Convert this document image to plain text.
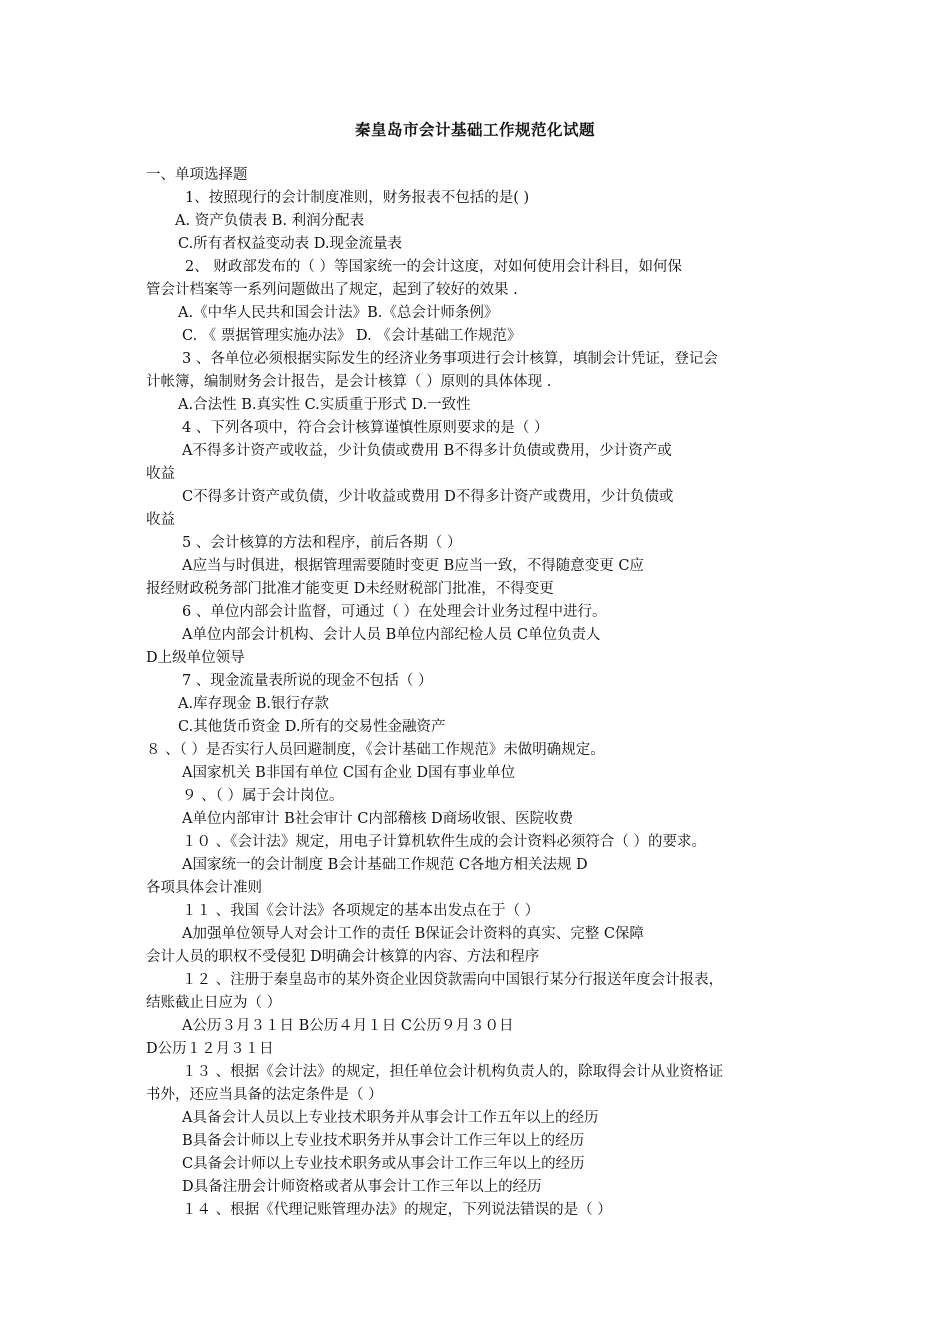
秦皇岛市会计基础工作规范化试题
一、单项选择题
1、按照现行的会计制度准则，财务报表不包括的是( )
A. 资产负债表 B. 利润分配表
C.所有者权益变动表 D.现金流量表
2、 财政部发布的（ ）等国家统一的会计这度，对如何使用会计科目，如何保
管会计档案等一系列问题做出了规定，起到了较好的效果 .
A.《中华人民共和国会计法》B.《总会计师条例》
C. 《 票据管理实施办法》 D. 《会计基础工作规范》
3 、各单位必须根据实际发生的经济业务事项进行会计核算，填制会计凭证，登记会
计帐簿，编制财务会计报告，是会计核算（ ）原则的具体体现 .
A.合法性 B.真实性 C.实质重于形式 D.一致性
4 、下列各项中，符合会计核算谨慎性原则要求的是（ ）
A不得多计资产或收益，少计负债或费用 B不得多计负债或费用，少计资产或
收益
C不得多计资产或负债，少计收益或费用 D不得多计资产或费用，少计负债或
收益
5 、会计核算的方法和程序，前后各期（ ）
A应当与时俱进，根据管理需要随时变更 B应当一致，不得随意变更 C应
报经财政税务部门批准才能变更 D未经财税部门批准，不得变更
6 、单位内部会计监督，可通过（ ）在处理会计业务过程中进行。
A单位内部会计机构、会计人员 B单位内部纪检人员 C单位负责人
D上级单位领导
7 、现金流量表所说的现金不包括（ ）
A.库存现金 B.银行存款
C.其他货币资金 D.所有的交易性金融资产
８ 、（ ）是否实行人员回避制度，《会计基础工作规范》未做明确规定。
A国家机关 B非国有单位 C国有企业 D国有事业单位
９ 、（ ）属于会计岗位。
A单位内部审计 B社会审计 C内部稽核 D商场收银、医院收费
１０ 、《会计法》规定，用电子计算机软件生成的会计资料必须符合（ ）的要求。
A国家统一的会计制度 B会计基础工作规范 C各地方相关法规 D
各项具体会计准则
１１ 、我国《会计法》各项规定的基本出发点在于（ ）
A加强单位领导人对会计工作的责任 B保证会计资料的真实、完整 C保障
会计人员的职权不受侵犯 D明确会计核算的内容、方法和程序
１２ 、注册于秦皇岛市的某外资企业因贷款需向中国银行某分行报送年度会计报表，
结账截止日应为（ ）
A公历３月３１日 B公历４月１日 C公历９月３０日
D公历１２月３１日
１３ 、根据《会计法》的规定，担任单位会计机构负责人的，除取得会计从业资格证
书外，还应当具备的法定条件是（ ）
A具备会计人员以上专业技术职务并从事会计工作五年以上的经历
B具备会计师以上专业技术职务并从事会计工作三年以上的经历
C具备会计师以上专业技术职务或从事会计工作三年以上的经历
D具备注册会计师资格或者从事会计工作三年以上的经历
１４ 、根据《代理记账管理办法》的规定，下列说法错误的是（ ）
